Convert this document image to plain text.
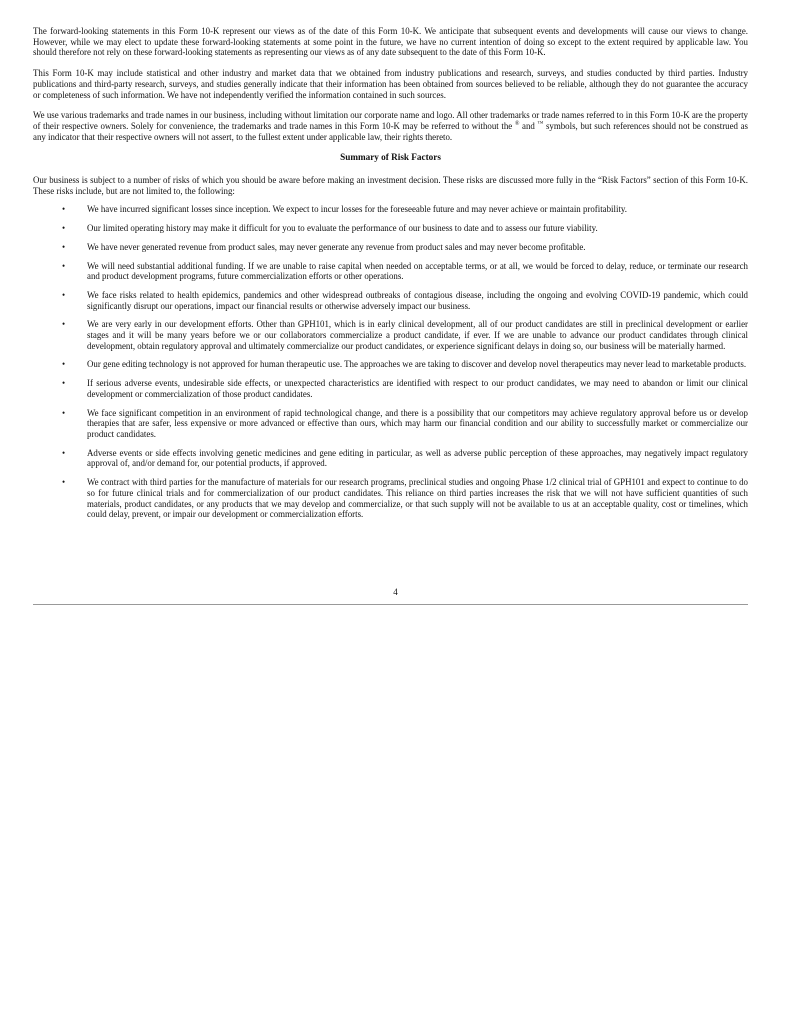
The forward-looking statements in this Form 10-K represent our views as of the date of this Form 10-K. We anticipate that subsequent events and developments will cause our views to change. However, while we may elect to update these forward-looking statements at some point in the future, we have no current intention of doing so except to the extent required by applicable law. You should therefore not rely on these forward-looking statements as representing our views as of any date subsequent to the date of this Form 10-K.

This Form 10-K may include statistical and other industry and market data that we obtained from industry publications and research, surveys, and studies conducted by third parties. Industry publications and third-party research, surveys, and studies generally indicate that their information has been obtained from sources believed to be reliable, although they do not guarantee the accuracy or completeness of such information. We have not independently verified the information contained in such sources.

We use various trademarks and trade names in our business, including without limitation our corporate name and logo. All other trademarks or trade names referred to in this Form 10-K are the property of their respective owners. Solely for convenience, the trademarks and trade names in this Form 10-K may be referred to without the ® and ™ symbols, but such references should not be construed as any indicator that their respective owners will not assert, to the fullest extent under applicable law, their rights thereto.

Summary of Risk Factors

Our business is subject to a number of risks of which you should be aware before making an investment decision. These risks are discussed more fully in the “Risk Factors” section of this Form 10-K. These risks include, but are not limited to, the following:

• We have incurred significant losses since inception. We expect to incur losses for the foreseeable future and may never achieve or maintain profitability.

• Our limited operating history may make it difficult for you to evaluate the performance of our business to date and to assess our future viability.

• We have never generated revenue from product sales, may never generate any revenue from product sales and may never become profitable.

• We will need substantial additional funding. If we are unable to raise capital when needed on acceptable terms, or at all, we would be forced to delay, reduce, or terminate our research and product development programs, future commercialization efforts or other operations.

• We face risks related to health epidemics, pandemics and other widespread outbreaks of contagious disease, including the ongoing and evolving COVID-19 pandemic, which could significantly disrupt our operations, impact our financial results or otherwise adversely impact our business.

• We are very early in our development efforts. Other than GPH101, which is in early clinical development, all of our product candidates are still in preclinical development or earlier stages and it will be many years before we or our collaborators commercialize a product candidate, if ever. If we are unable to advance our product candidates through clinical development, obtain regulatory approval and ultimately commercialize our product candidates, or experience significant delays in doing so, our business will be materially harmed.

• Our gene editing technology is not approved for human therapeutic use. The approaches we are taking to discover and develop novel therapeutics may never lead to marketable products.

• If serious adverse events, undesirable side effects, or unexpected characteristics are identified with respect to our product candidates, we may need to abandon or limit our clinical development or commercialization of those product candidates.

• We face significant competition in an environment of rapid technological change, and there is a possibility that our competitors may achieve regulatory approval before us or develop therapies that are safer, less expensive or more advanced or effective than ours, which may harm our financial condition and our ability to successfully market or commercialize our product candidates.

• Adverse events or side effects involving genetic medicines and gene editing in particular, as well as adverse public perception of these approaches, may negatively impact regulatory approval of, and/or demand for, our potential products, if approved.

• We contract with third parties for the manufacture of materials for our research programs, preclinical studies and ongoing Phase 1/2 clinical trial of GPH101 and expect to continue to do so for future clinical trials and for commercialization of our product candidates. This reliance on third parties increases the risk that we will not have sufficient quantities of such materials, product candidates, or any products that we may develop and commercialize, or that such supply will not be available to us at an acceptable quality, cost or timelines, which could delay, prevent, or impair our development or commercialization efforts.

4
